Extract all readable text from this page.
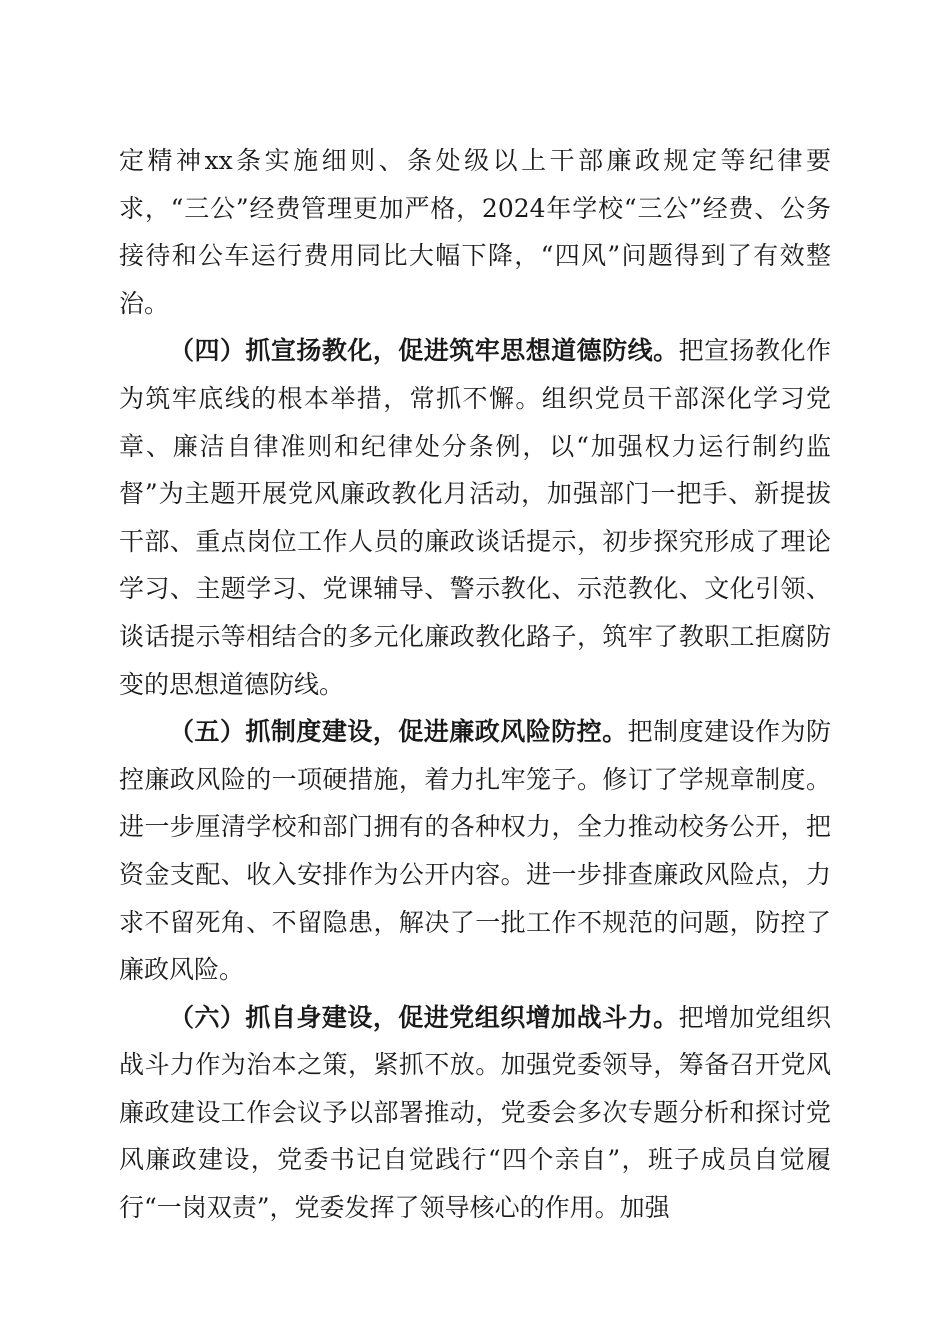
定精神xx条实施细则、条处级以上干部廉政规定等纪律要求，“三公”经费管理更加严格，2024年学校“三公”经费、公务接待和公车运行费用同比大幅下降，“四风”问题得到了有效整治。

（四）抓宣扬教化，促进筑牢思想道德防线。把宣扬教化作为筑牢底线的根本举措，常抓不懈。组织党员干部深化学习党章、廉洁自律准则和纪律处分条例，以“加强权力运行制约监督”为主题开展党风廉政教化月活动，加强部门一把手、新提拔干部、重点岗位工作人员的廉政谈话提示，初步探究形成了理论学习、主题学习、党课辅导、警示教化、示范教化、文化引领、谈话提示等相结合的多元化廉政教化路子，筑牢了教职工拒腐防变的思想道德防线。

（五）抓制度建设，促进廉政风险防控。把制度建设作为防控廉政风险的一项硬措施，着力扎牢笼子。修订了学规章制度。进一步厘清学校和部门拥有的各种权力，全力推动校务公开，把资金支配、收入安排作为公开内容。进一步排查廉政风险点，力求不留死角、不留隐患，解决了一批工作不规范的问题，防控了廉政风险。

（六）抓自身建设，促进党组织增加战斗力。把增加党组织战斗力作为治本之策，紧抓不放。加强党委领导，筹备召开党风廉政建设工作会议予以部署推动，党委会多次专题分析和探讨党风廉政建设，党委书记自觉践行“四个亲自”，班子成员自觉履行“一岗双责”，党委发挥了领导核心的作用。加强
